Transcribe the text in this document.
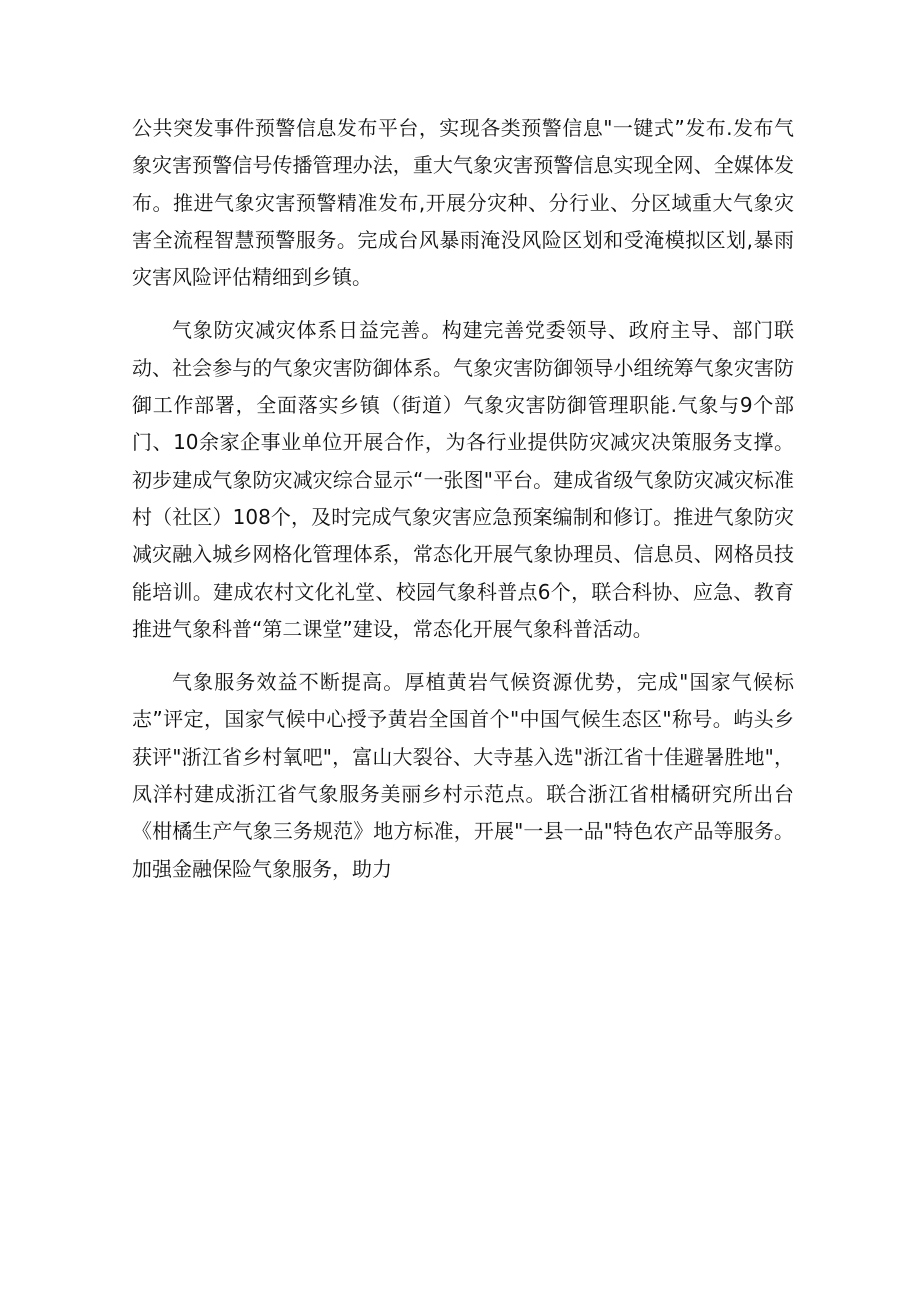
公共突发事件预警信息发布平台，实现各类预警信息"一键式”发布.发布气象灾害预警信号传播管理办法，重大气象灾害预警信息实现全网、全媒体发布。推进气象灾害预警精准发布,开展分灾种、分行业、分区域重大气象灾害全流程智慧预警服务。完成台风暴雨淹没风险区划和受淹模拟区划,暴雨灾害风险评估精细到乡镇。

气象防灾减灾体系日益完善。构建完善党委领导、政府主导、部门联动、社会参与的气象灾害防御体系。气象灾害防御领导小组统筹气象灾害防御工作部署，全面落实乡镇（街道）气象灾害防御管理职能.气象与9个部门、10余家企事业单位开展合作，为各行业提供防灾减灾决策服务支撑。初步建成气象防灾减灾综合显示“一张图"平台。建成省级气象防灾减灾标准村（社区）108个，及时完成气象灾害应急预案编制和修订。推进气象防灾减灾融入城乡网格化管理体系，常态化开展气象协理员、信息员、网格员技能培训。建成农村文化礼堂、校园气象科普点6个，联合科协、应急、教育推进气象科普“第二课堂”建设，常态化开展气象科普活动。

气象服务效益不断提高。厚植黄岩气候资源优势，完成"国家气候标志”评定，国家气候中心授予黄岩全国首个"中国气候生态区"称号。屿头乡获评"浙江省乡村氧吧"，富山大裂谷、大寺基入选"浙江省十佳避暑胜地"，凤洋村建成浙江省气象服务美丽乡村示范点。联合浙江省柑橘研究所出台《柑橘生产气象三务规范》地方标准，开展"一县一品"特色农产品等服务。加强金融保险气象服务，助力
